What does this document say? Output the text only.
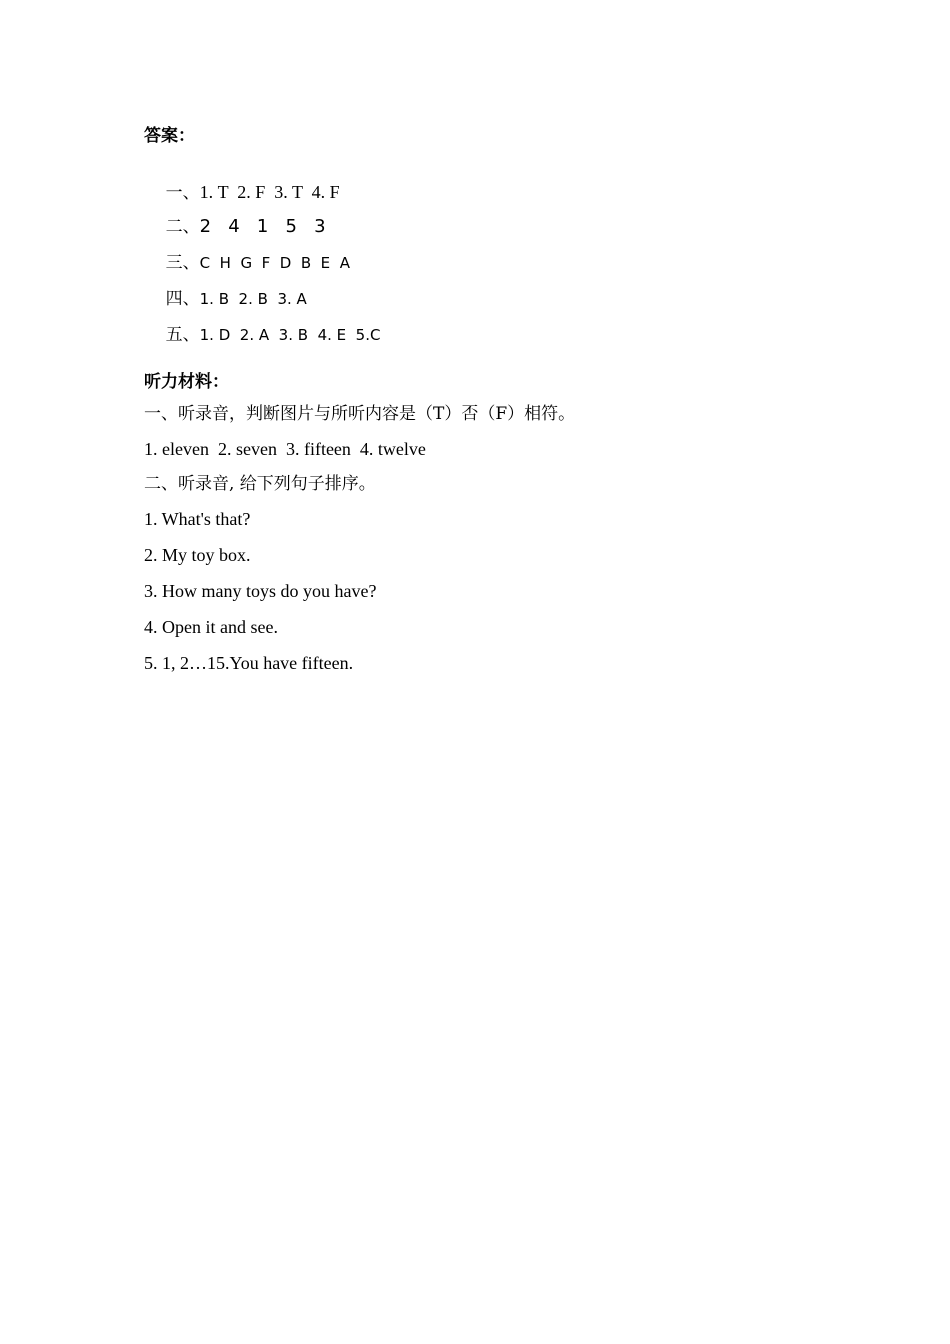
答案：

一、1. T  2. F  3. T  4. F

二、2   4   1   5   3

三、C  H  G  F  D  B  E  A

四、1. B  2. B  3. A

五、1. D  2. A  3. B  4. E  5.C

听力材料：
一、听录音，判断图片与所听内容是（T）否（F）相符。
1. eleven  2. seven  3. fifteen  4. twelve
二、听录音, 给下列句子排序。
1. What's that?
2. My toy box.
3. How many toys do you have?
4. Open it and see.
5. 1, 2…15.You have fifteen.
